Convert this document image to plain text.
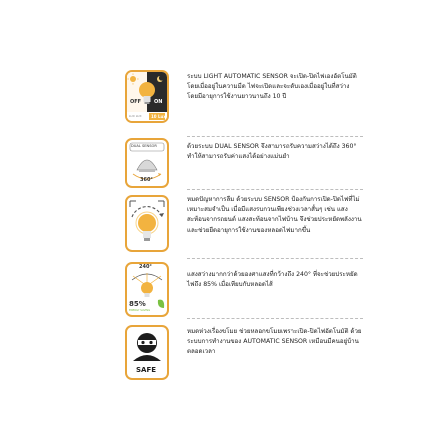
OFF	ON
LUX LUX 10 Lux
ระบบ LIGHT AUTOMATIC SENSOR จะเปิด-ปิดไฟเองอัตโนมัติ โดยเมื่ออยู่ในความมืด ไฟจะเปิดและจะดับเองเมื่ออยู่ในที่สว่าง โดยมีอายุการใช้งานยาวนานถึง 10 ปี
DUAL SENSOR
360°
ด้วยระบบ DUAL SENSOR จึงสามารถรับความสว่างได้ถึง 360° ทำให้สามารถรับค่าแสงได้อย่างแม่นยำ
หมดปัญหาการลืม ด้วยระบบ SENSOR ป้องกันการเปิด-ปิดไฟที่ไม่เหมาะสมจำเป็น เมื่อมีแสงรบกวนเพียงช่วงเวลาสั้นๆ เช่น แสงสะท้อนจากรถยนต์ แสงสะท้อนจากไฟบ้าน จึงช่วยประหยัดพลังงานและช่วยยืดอายุการใช้งานของหลอดไฟมากขึ้น
240°
85%
ENERGY SAVING
แสงสว่างมากกว่าด้วยองศาแสงที่กว้างถึง 240° ที่จะช่วยประหยัดไฟถึง 85% เมื่อเทียบกับหลอดไส้
SAFE
หมดห่วงเรื่องขโมย ช่วยหลอกขโมยเพราะเปิด-ปิดไฟอัตโนมัติ ด้วยระบบการทำงานของ AUTOMATIC SENSOR เหมือนมีคนอยู่บ้านตลอดเวลา
